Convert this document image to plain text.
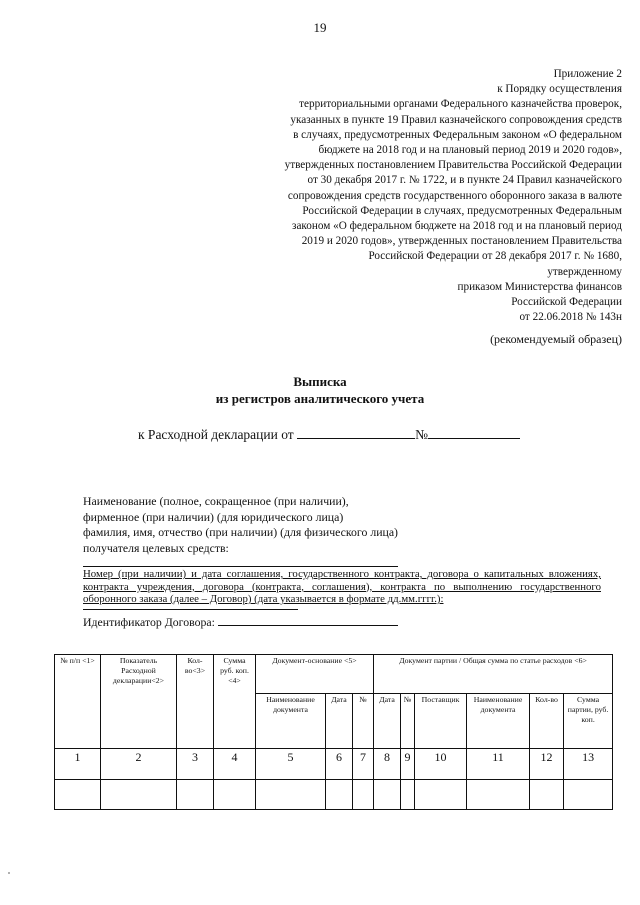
19
Приложение 2
к Порядку осуществления
территориальными органами Федерального казначейства проверок,
указанных в пункте 19 Правил казначейского сопровождения средств
в случаях, предусмотренных Федеральным законом «О федеральном
бюджете на 2018 год и на плановый период 2019 и 2020 годов»,
утвержденных постановлением Правительства Российской Федерации
от 30 декабря 2017 г. № 1722, и в пункте 24 Правил казначейского
сопровождения средств государственного оборонного заказа в валюте
Российской Федерации в случаях, предусмотренных Федеральным
законом «О федеральном бюджете на 2018 год и на плановый период
2019 и 2020 годов», утвержденных постановлением Правительства
Российской Федерации от 28 декабря 2017 г. № 1680,
утвержденному
приказом Министерства финансов
Российской Федерации
от 22.06.2018 № 143н
(рекомендуемый образец)
Выписка
из регистров аналитического учета
к Расходной декларации от	№
Наименование (полное, сокращенное (при наличии),
фирменное (при наличии) (для юридического лица)
фамилия, имя, отчество (при наличии) (для физического лица)
получателя целевых средств:
Номер (при наличии) и дата соглашения, государственного контракта, договора о капитальных вложениях, контракта учреждения, договора (контракта, соглашения), контракта по выполнению государственного оборонного заказа (далее – Договор) (дата указывается в формате дд.мм.гггг.):
Идентификатор Договора:
№ п/п <1>	Показатель Расходной декларации<2>	Кол-во<3>	Сумма руб. коп.<4>	Документ-основание <5>			Документ партии / Общая сумма по статье расходов <6>					
				Наименование документа	Дата	№	Дата	№	Поставщик	Наименование документа	Кол-во	Сумма партии, руб. коп.
1	2	3	4	5	6	7	8	9	10	11	12	13
